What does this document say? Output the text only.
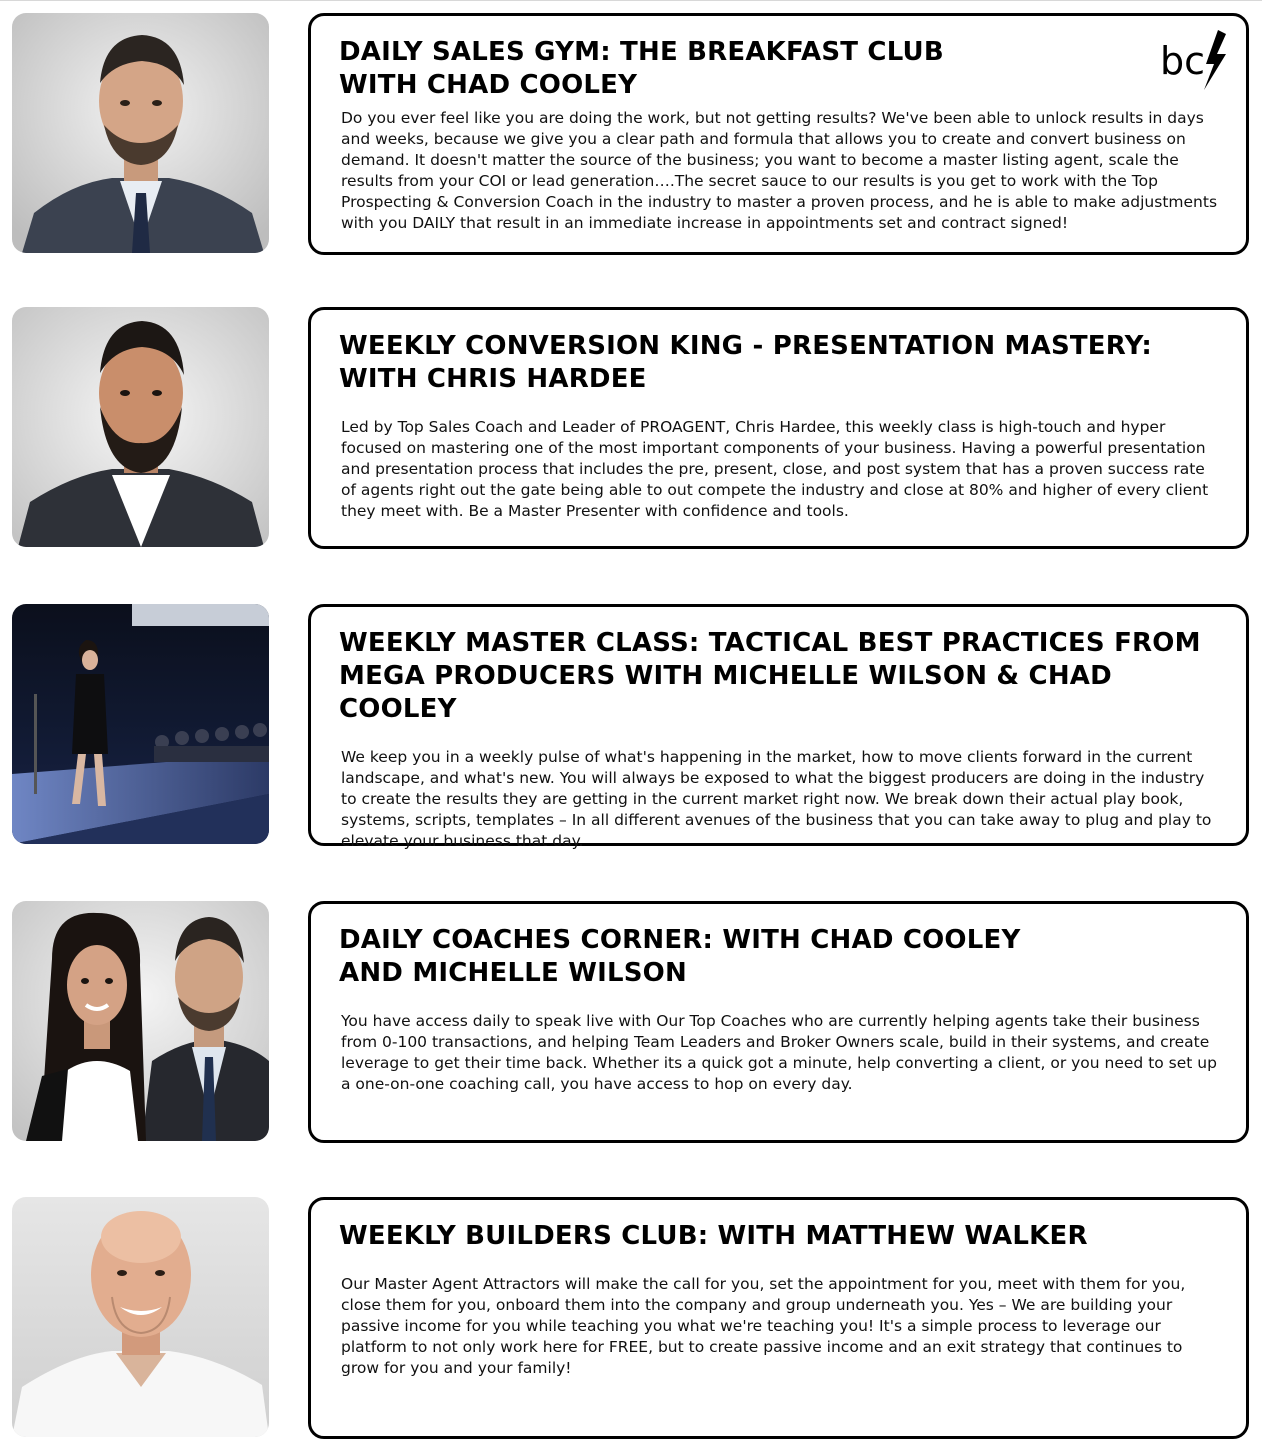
DAILY SALES GYM: THE BREAKFAST CLUB
WITH CHAD COOLEY
Do you ever feel like you are doing the work, but not getting results? We've been able to unlock results in days and weeks, because we give you a clear path and formula that allows you to create and convert business on demand. It doesn't matter the source of the business; you want to become a master listing agent, scale the results from your COI or lead generation….The secret sauce to our results is you get to work with the Top Prospecting & Conversion Coach in the industry to master a proven process, and he is able to make adjustments with you DAILY that result in an immediate increase in appointments set and contract signed!
bc
WEEKLY CONVERSION KING - PRESENTATION MASTERY:
WITH CHRIS HARDEE
Led by Top Sales Coach and Leader of PROAGENT, Chris Hardee, this weekly class is high-touch and hyper focused on mastering one of the most important components of your business. Having a powerful presentation and presentation process that includes the pre, present, close, and post system that has a proven success rate of agents right out the gate being able to out compete the industry and close at 80% and higher of every client they meet with. Be a Master Presenter with confidence and tools.
WEEKLY MASTER CLASS: TACTICAL BEST PRACTICES FROM
MEGA PRODUCERS WITH MICHELLE WILSON & CHAD COOLEY
We keep you in a weekly pulse of what's happening in the market, how to move clients forward in the current landscape, and what's new. You will always be exposed to what the biggest producers are doing in the industry to create the results they are getting in the current market right now. We break down their actual play book, systems, scripts, templates – In all different avenues of the business that you can take away to plug and play to elevate your business that day.
DAILY COACHES CORNER: WITH CHAD COOLEY
AND MICHELLE WILSON
You have access daily to speak live with Our Top Coaches who are currently helping agents take their business from 0-100 transactions, and helping Team Leaders and Broker Owners scale, build in their systems, and create leverage to get their time back. Whether its a quick got a minute, help converting a client, or you need to set up a one-on-one coaching call, you have access to hop on every day.
WEEKLY BUILDERS CLUB: WITH MATTHEW WALKER
Our Master Agent Attractors will make the call for you, set the appointment for you, meet with them for you, close them for you, onboard them into the company and group underneath you. Yes – We are building your passive income for you while teaching you what we're teaching you! It's a simple process to leverage our platform to not only work here for FREE, but to create passive income and an exit strategy that continues to grow for you and your family!
